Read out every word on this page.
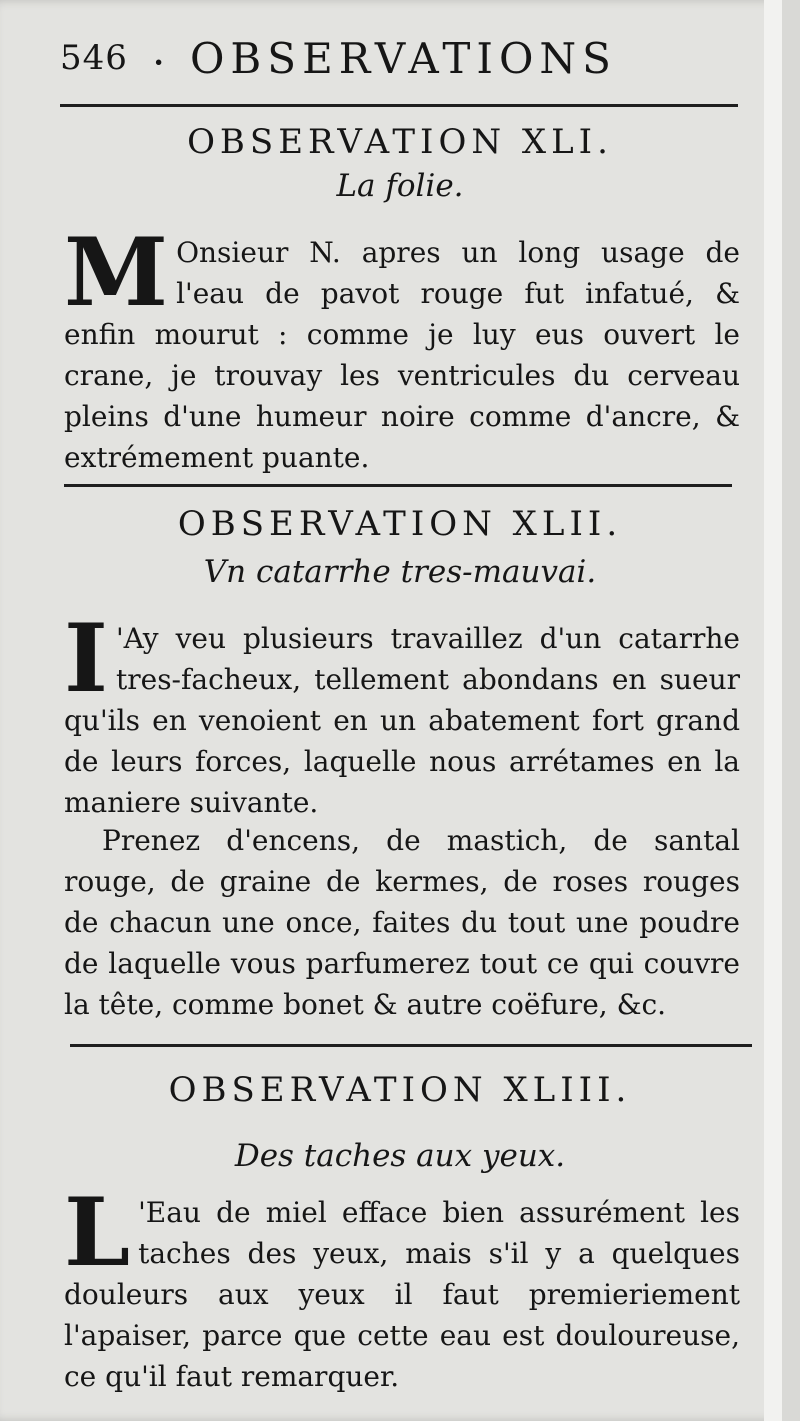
546 · OBSERVATIONS
OBSERVATION XLI.
La folie.
M Onsieur N. apres un long usage de l'eau de pavot rouge fut infatué, & enfin mourut : comme je luy eus ouvert le crane, je trouvay les ventricules du cerveau pleins d'une humeur noire comme d'ancre, & extrémement puante.
OBSERVATION XLII.
Vn catarrhe tres-mauvai.
I 'Ay veu plusieurs travaillez d'un catarrhe tres-facheux, tellement abondans en sueur qu'ils en venoient en un abatement fort grand de leurs forces, laquelle nous arrétames en la maniere suivante.
Prenez d'encens, de mastich, de santal rouge, de graine de kermes, de roses rouges de chacun une once, faites du tout une poudre de laquelle vous parfumerez tout ce qui couvre la tête, comme bonet & autre coëfure, &c.
OBSERVATION XLIII.
Des taches aux yeux.
L 'Eau de miel efface bien assurément les taches des yeux, mais s'il y a quelques douleurs aux yeux il faut premieriement l'apaiser, parce que cette eau est douloureuse, ce qu'il faut remarquer.
